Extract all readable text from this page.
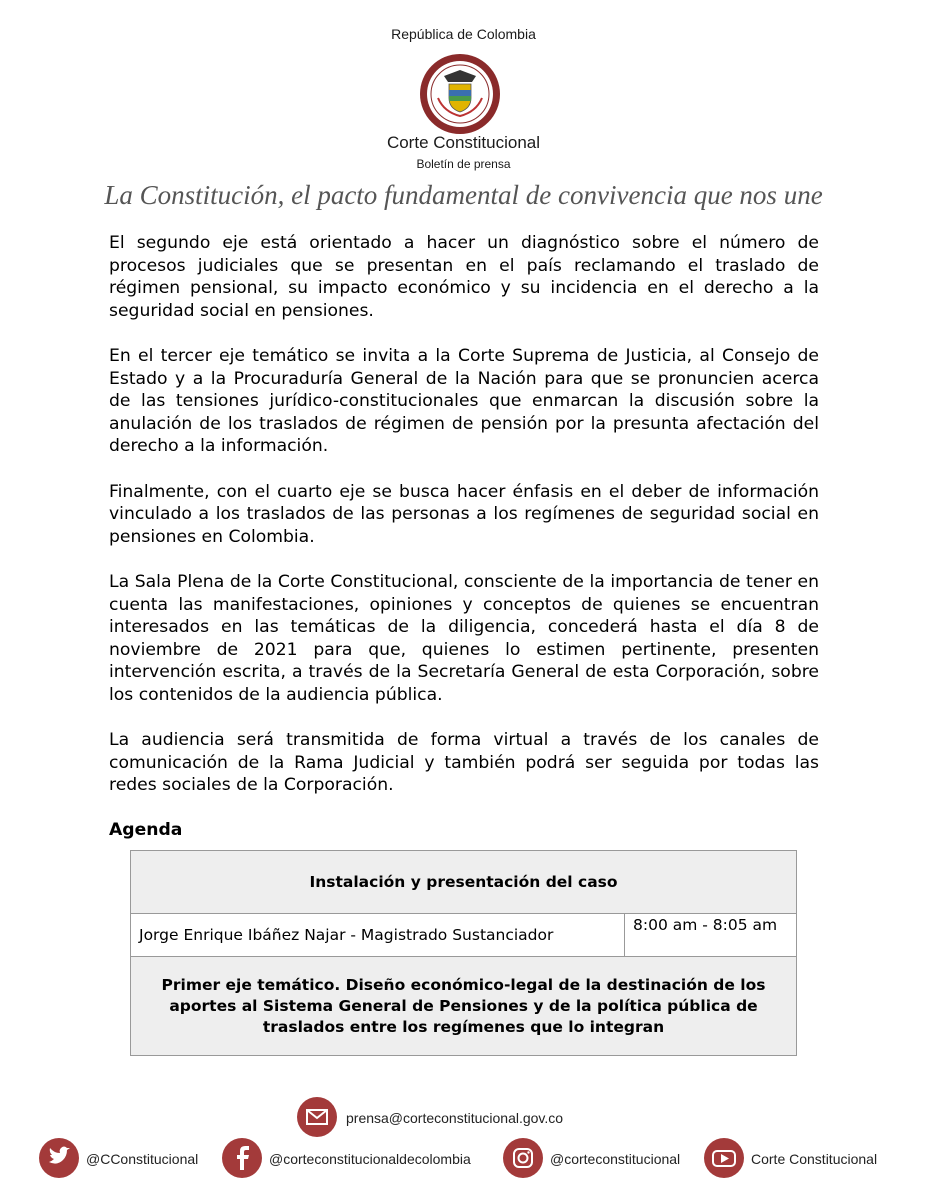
República de Colombia
Corte Constitucional
Boletín de prensa
La Constitución, el pacto fundamental de convivencia que nos une

El segundo eje está orientado a hacer un diagnóstico sobre el número de procesos judiciales que se presentan en el país reclamando el traslado de régimen pensional, su impacto económico y su incidencia en el derecho a la seguridad social en pensiones.

En el tercer eje temático se invita a la Corte Suprema de Justicia, al Consejo de Estado y a la Procuraduría General de la Nación para que se pronuncien acerca de las tensiones jurídico-constitucionales que enmarcan la discusión sobre la anulación de los traslados de régimen de pensión por la presunta afectación del derecho a la información.

Finalmente, con el cuarto eje se busca hacer énfasis en el deber de información vinculado a los traslados de las personas a los regímenes de seguridad social en pensiones en Colombia.

La Sala Plena de la Corte Constitucional, consciente de la importancia de tener en cuenta las manifestaciones, opiniones y conceptos de quienes se encuentran interesados en las temáticas de la diligencia, concederá hasta el día 8 de noviembre de 2021 para que, quienes lo estimen pertinente, presenten intervención escrita, a través de la Secretaría General de esta Corporación, sobre los contenidos de la audiencia pública.

La audiencia será transmitida de forma virtual a través de los canales de comunicación de la Rama Judicial y también podrá ser seguida por todas las redes sociales de la Corporación.

Agenda
Instalación y presentación del caso
Jorge Enrique Ibáñez Najar - Magistrado Sustanciador	8:00 am - 8:05 am
Primer eje temático. Diseño económico-legal de la destinación de los aportes al Sistema General de Pensiones y de la política pública de traslados entre los regímenes que lo integran
prensa@corteconstitucional.gov.co
@CConstitucional	@corteconstitucionaldecolombia	@corteconstitucional	Corte Constitucional
